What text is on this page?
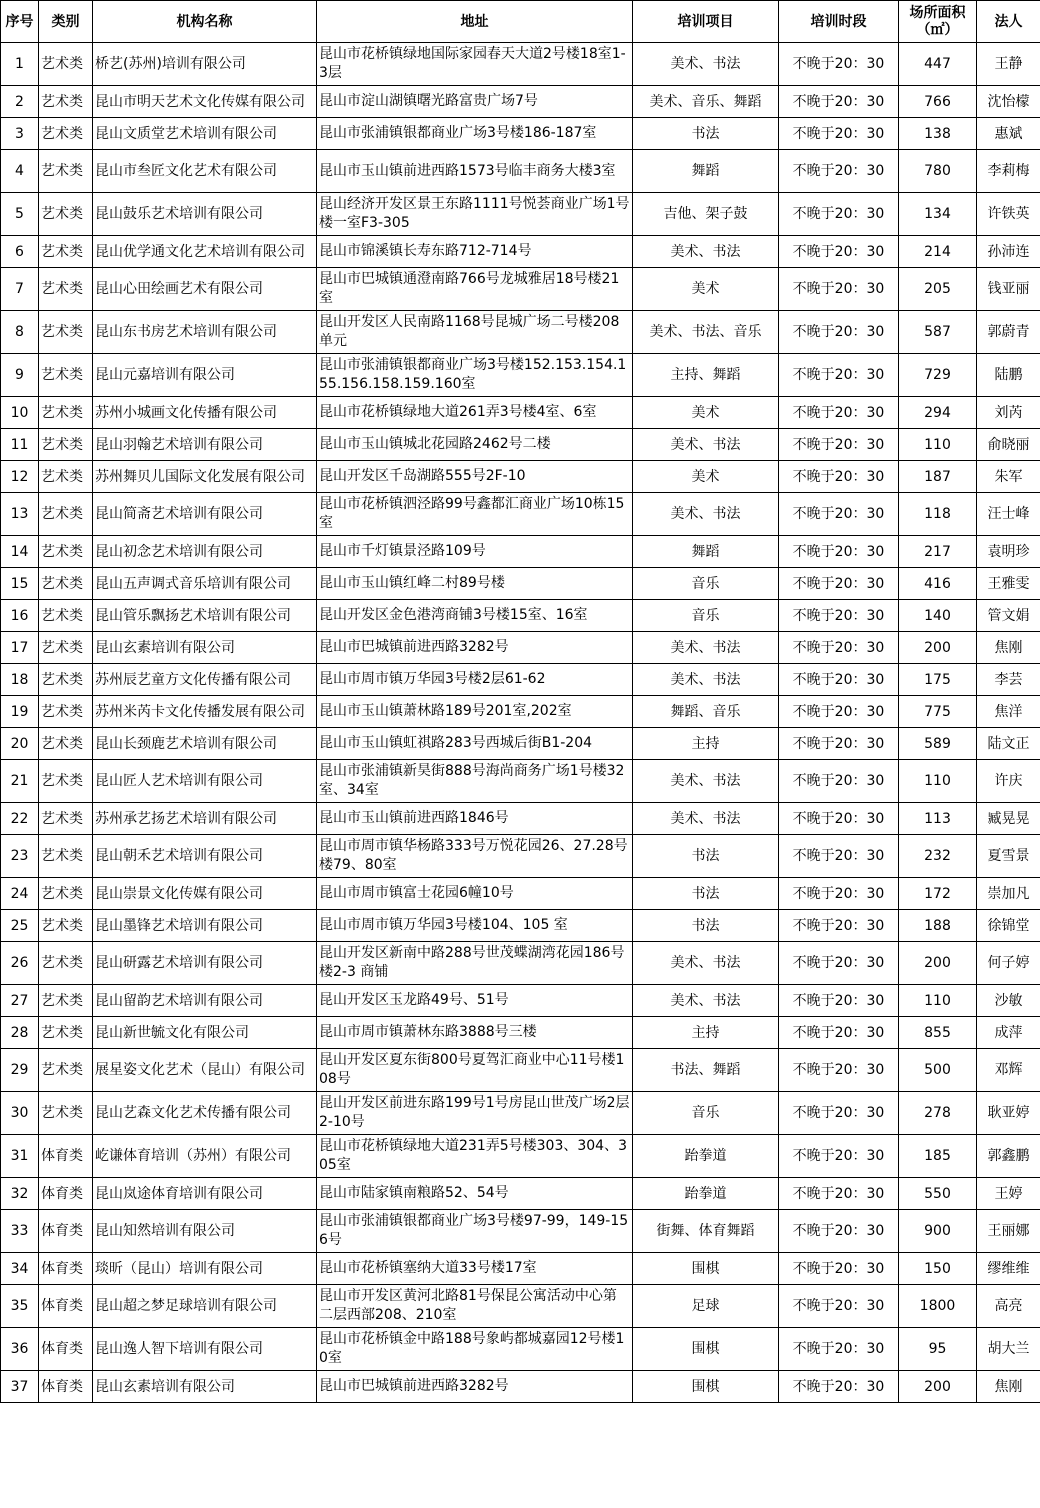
序号	类别	机构名称	地址	培训项目	培训时段	场所面积（㎡）	法人
1	艺术类	桥艺(苏州)培训有限公司	昆山市花桥镇绿地国际家园春天大道2号楼18室1-3层	美术、书法	不晚于20：30	447	王静
2	艺术类	昆山市明天艺术文化传媒有限公司	昆山市淀山湖镇曙光路富贵广场7号	美术、音乐、舞蹈	不晚于20：30	766	沈怡檬
3	艺术类	昆山文质堂艺术培训有限公司	昆山市张浦镇银都商业广场3号楼186-187室	书法	不晚于20：30	138	惠斌
4	艺术类	昆山市叁匠文化艺术有限公司	昆山市玉山镇前进西路1573号临丰商务大楼3室	舞蹈	不晚于20：30	780	李莉梅
5	艺术类	昆山鼓乐艺术培训有限公司	昆山经济开发区景王东路1111号悦荟商业广场1号楼一室F3-305	吉他、架子鼓	不晚于20：30	134	许铁英
6	艺术类	昆山优学通文化艺术培训有限公司	昆山市锦溪镇长寿东路712-714号	美术、书法	不晚于20：30	214	孙沛连
7	艺术类	昆山心田绘画艺术有限公司	昆山市巴城镇通澄南路766号龙城雅居18号楼21室	美术	不晚于20：30	205	钱亚丽
8	艺术类	昆山东书房艺术培训有限公司	昆山开发区人民南路1168号昆城广场二号楼208单元	美术、书法、音乐	不晚于20：30	587	郭蔚青
9	艺术类	昆山元嘉培训有限公司	昆山市张浦镇银都商业广场3号楼152.153.154.155.156.158.159.160室	主持、舞蹈	不晚于20：30	729	陆鹏
10	艺术类	苏州小城画文化传播有限公司	昆山市花桥镇绿地大道261弄3号楼4室、6室	美术	不晚于20：30	294	刘芮
11	艺术类	昆山羽翰艺术培训有限公司	昆山市玉山镇城北花园路2462号二楼	美术、书法	不晚于20：30	110	俞晓丽
12	艺术类	苏州舞贝儿国际文化发展有限公司	昆山开发区千岛湖路555号2F-10	美术	不晚于20：30	187	朱军
13	艺术类	昆山简斋艺术培训有限公司	昆山市花桥镇泗泾路99号鑫都汇商业广场10栋15室	美术、书法	不晚于20：30	118	汪士峰
14	艺术类	昆山初念艺术培训有限公司	昆山市千灯镇景泾路109号	舞蹈	不晚于20：30	217	袁明珍
15	艺术类	昆山五声调式音乐培训有限公司	昆山市玉山镇红峰二村89号楼	音乐	不晚于20：30	416	王雅雯
16	艺术类	昆山管乐飘扬艺术培训有限公司	昆山开发区金色港湾商铺3号楼15室、16室	音乐	不晚于20：30	140	管文娟
17	艺术类	昆山玄素培训有限公司	昆山市巴城镇前进西路3282号	美术、书法	不晚于20：30	200	焦刚
18	艺术类	苏州辰艺童方文化传播有限公司	昆山市周市镇万华园3号楼2层61-62	美术、书法	不晚于20：30	175	李芸
19	艺术类	苏州米芮卡文化传播发展有限公司	昆山市玉山镇萧林路189号201室,202室	舞蹈、音乐	不晚于20：30	775	焦洋
20	艺术类	昆山长颈鹿艺术培训有限公司	昆山市玉山镇虹祺路283号西城后街B1-204	主持	不晚于20：30	589	陆文正
21	艺术类	昆山匠人艺术培训有限公司	昆山市张浦镇新昊街888号海尚商务广场1号楼32室、34室	美术、书法	不晚于20：30	110	许庆
22	艺术类	苏州承艺扬艺术培训有限公司	昆山市玉山镇前进西路1846号	美术、书法	不晚于20：30	113	臧晃晃
23	艺术类	昆山朝禾艺术培训有限公司	昆山市周市镇华杨路333号万悦花园26、27.28号楼79、80室	书法	不晚于20：30	232	夏雪景
24	艺术类	昆山崇景文化传媒有限公司	昆山市周市镇富士花园6幢10号	书法	不晚于20：30	172	崇加凡
25	艺术类	昆山墨锋艺术培训有限公司	昆山市周市镇万华园3号楼104、105 室	书法	不晚于20：30	188	徐锦堂
26	艺术类	昆山研露艺术培训有限公司	昆山开发区新南中路288号世茂蝶湖湾花园186号楼2-3 商铺	美术、书法	不晚于20：30	200	何子婷
27	艺术类	昆山留韵艺术培训有限公司	昆山开发区玉龙路49号、51号	美术、书法	不晚于20：30	110	沙敏
28	艺术类	昆山新世毓文化有限公司	昆山市周市镇萧林东路3888号三楼	主持	不晚于20：30	855	成萍
29	艺术类	展星姿文化艺术（昆山）有限公司	昆山开发区夏东街800号夏驾汇商业中心11号楼108号	书法、舞蹈	不晚于20：30	500	邓辉
30	艺术类	昆山艺森文化艺术传播有限公司	昆山开发区前进东路199号1号房昆山世茂广场2层2-10号	音乐	不晚于20：30	278	耿亚婷
31	体育类	屹谦体育培训（苏州）有限公司	昆山市花桥镇绿地大道231弄5号楼303、304、305室	跆拳道	不晚于20：30	185	郭鑫鹏
32	体育类	昆山岚途体育培训有限公司	昆山市陆家镇南粮路52、54号	跆拳道	不晚于20：30	550	王婷
33	体育类	昆山知然培训有限公司	昆山市张浦镇银都商业广场3号楼97-99，149-156号	街舞、体育舞蹈	不晚于20：30	900	王丽娜
34	体育类	琰昕（昆山）培训有限公司	昆山市花桥镇塞纳大道33号楼17室	围棋	不晚于20：30	150	缪维维
35	体育类	昆山超之梦足球培训有限公司	昆山市开发区黄河北路81号保昆公寓活动中心第二层西部208、210室	足球	不晚于20：30	1800	高亮
36	体育类	昆山逸人智下培训有限公司	昆山市花桥镇金中路188号象屿都城嘉园12号楼10室	围棋	不晚于20：30	95	胡大兰
37	体育类	昆山玄素培训有限公司	昆山市巴城镇前进西路3282号	围棋	不晚于20：30	200	焦刚
